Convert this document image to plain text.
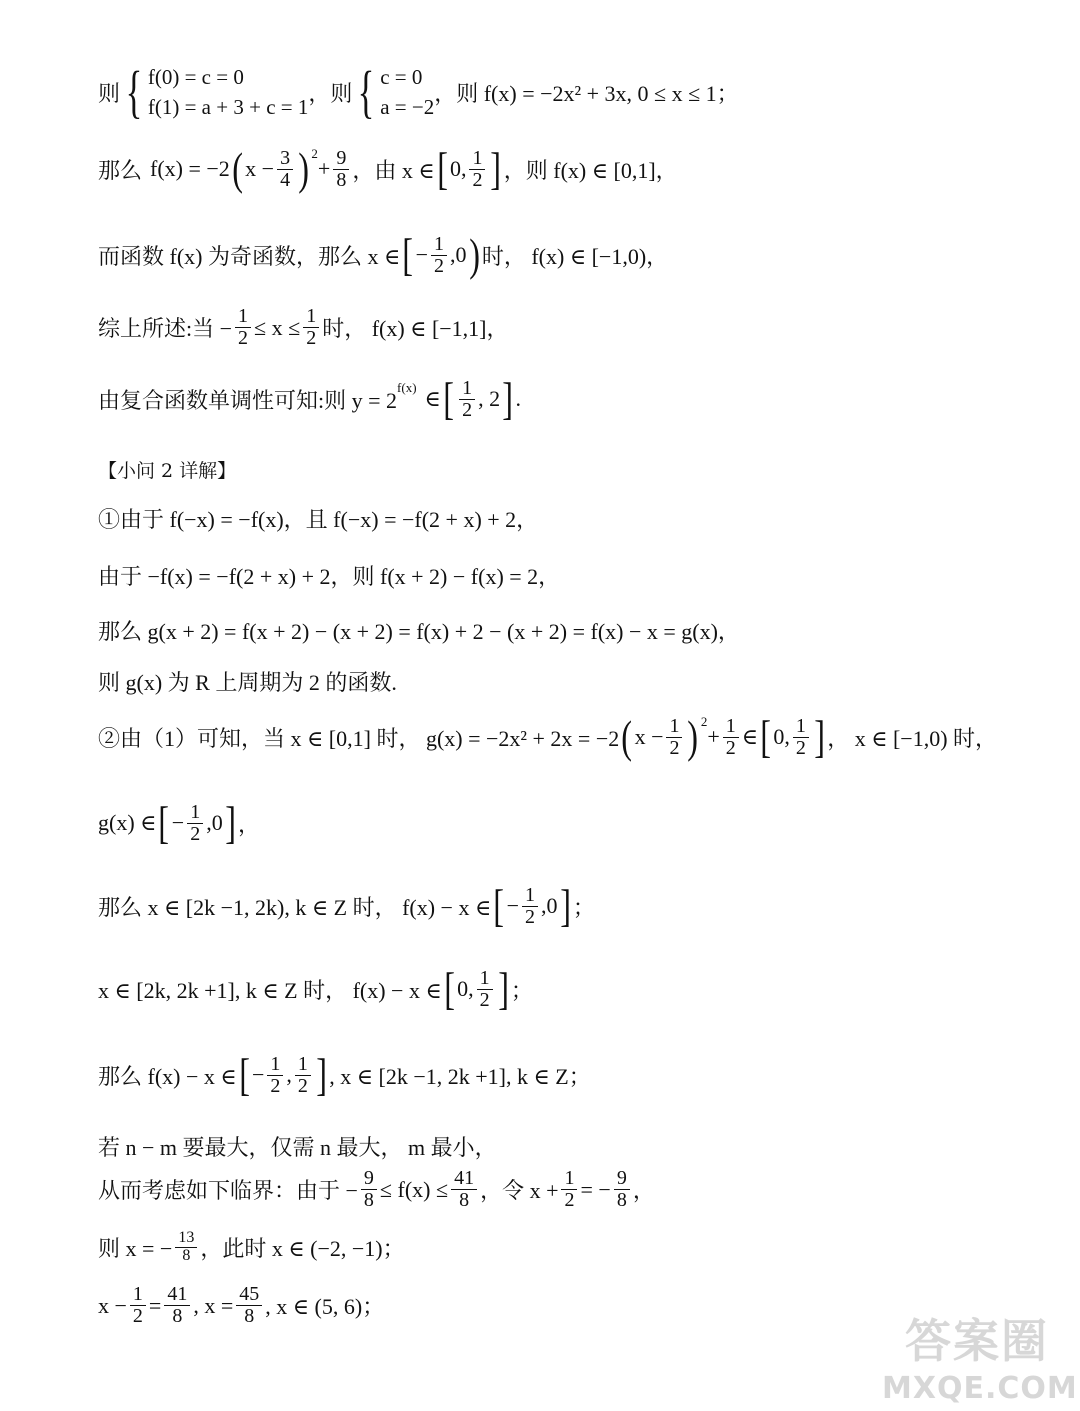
则 { f(0) = c = 0
f(1) = a + 3 + c = 1
，则 { c = 0
a = −2
，则 f(x) = −2x² + 3x, 0 ≤ x ≤ 1；
那么 f(x) = −2 ( $x - \frac{3}{4} )^2$
+ $\frac{9}{8}$ ，由 x ∈ [ 0, $\frac{1}{2}$ ] ，则 f(x) ∈ [0,1]，
而函数 f(x) 为奇函数，那么 x ∈ [ − $\frac{1}{2} ,0$ ) 时， f(x) ∈ [−1,0)，
综上所述:当 − $\frac{1}{2} \le x \le \frac{1}{2}$ 时， f(x) ∈ [−1,1]，
由复合函数单调性可知:则 $y = 2^{f(x)}$ ∈ [ $\frac{1}{2}$ , 2 ] .
【小问 2 详解】
①由于 f(−x) = −f(x)，且 f(−x) = −f(2 + x) + 2，
由于 −f(x) = −f(2 + x) + 2，则 f(x + 2) − f(x) = 2，
那么 g(x + 2) = f(x + 2) − (x + 2) = f(x) + 2 − (x + 2) = f(x) − x = g(x)，
则 g(x) 为 R 上周期为 2 的函数.
②由（1）可知，当 x ∈ [0,1] 时， g(x) = −2x² + 2x = −2 ( $x - \frac{1}{2} )^2$
+ $\frac{1}{2}$ ∈ [ 0, $\frac{1}{2}$ ] ， x ∈ [−1,0) 时，
g(x) ∈ [ − $\frac{1}{2} ,0$ ] ，
那么 x ∈ [2k −1, 2k), k ∈ Z 时， f(x) − x ∈ [ − $\frac{1}{2} ,0$ ] ；
x ∈ [2k, 2k +1], k ∈ Z 时， f(x) − x ∈ [ 0, $\frac{1}{2}$ ] ；
那么 f(x) − x ∈ [ − $\frac{1}{2}$ , $\frac{1}{2}$ ] , x ∈ [2k −1, 2k +1], k ∈ Z；
若 n − m 要最大，仅需 n 最大， m 最小，
从而考虑如下临界：由于 − $\frac{9}{8} \le f(x) \le \frac{41}{8}$ ，令 $x + \frac{1}{2}$ = − $\frac{9}{8}$ ，
则 x = − $\frac{13}{8}$ ，此时 x ∈ (−2, −1)；
$x - \frac{1}{2} = \frac{41}{8}$ , $x = \frac{45}{8}$ , x ∈ (5, 6)；
答案圈
MXQE.COM
